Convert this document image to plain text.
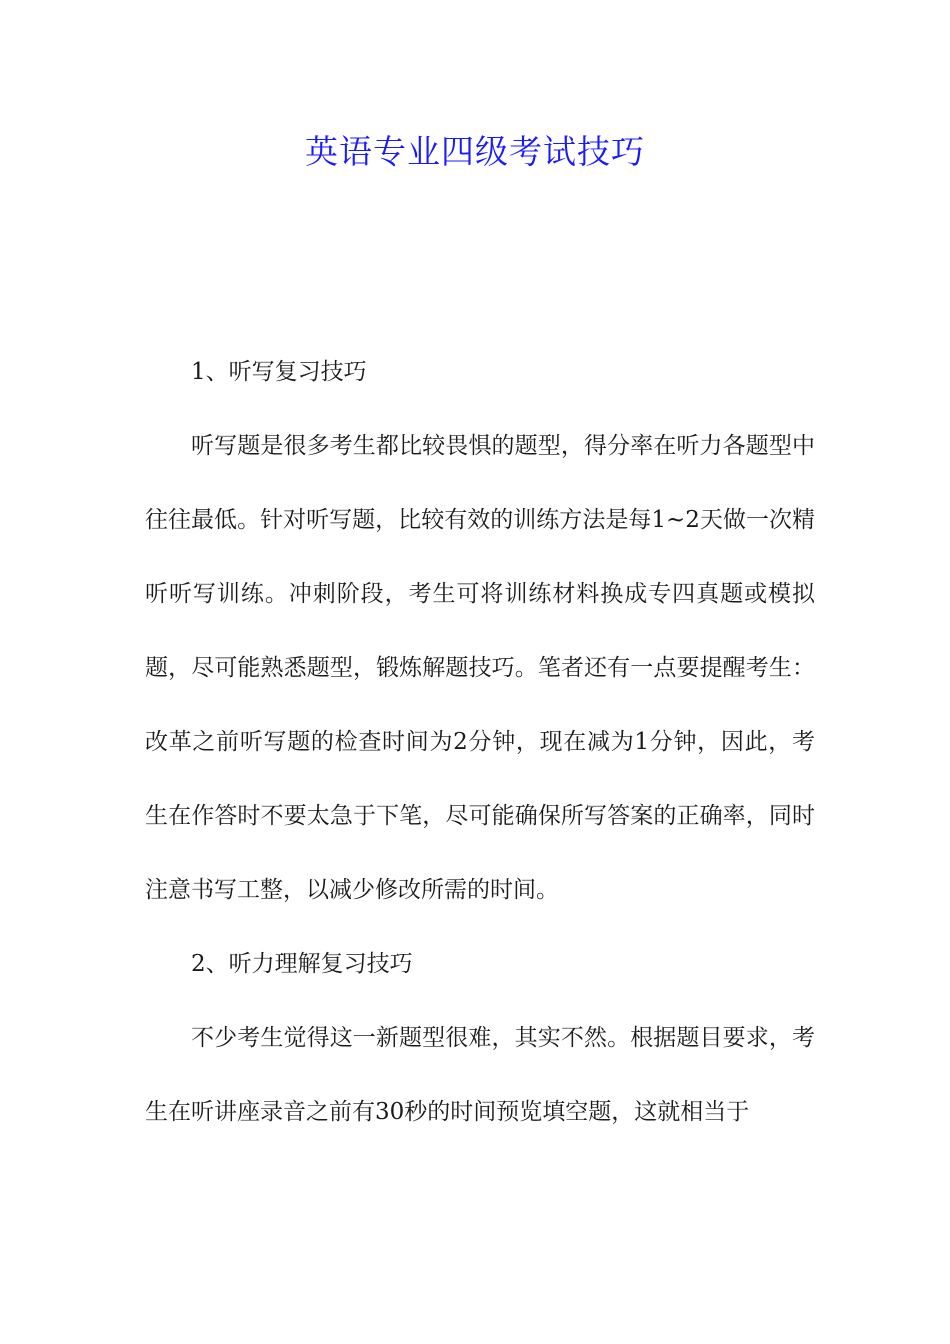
英语专业四级考试技巧

1、听写复习技巧

听写题是很多考生都比较畏惧的题型，得分率在听力各题型中往往最低。针对听写题，比较有效的训练方法是每1~2天做一次精听听写训练。冲刺阶段，考生可将训练材料换成专四真题或模拟题，尽可能熟悉题型，锻炼解题技巧。笔者还有一点要提醒考生：改革之前听写题的检查时间为2分钟，现在减为1分钟，因此，考生在作答时不要太急于下笔，尽可能确保所写答案的正确率，同时注意书写工整，以减少修改所需的时间。

2、听力理解复习技巧

不少考生觉得这一新题型很难，其实不然。根据题目要求，考生在听讲座录音之前有30秒的时间预览填空题，这就相当于
